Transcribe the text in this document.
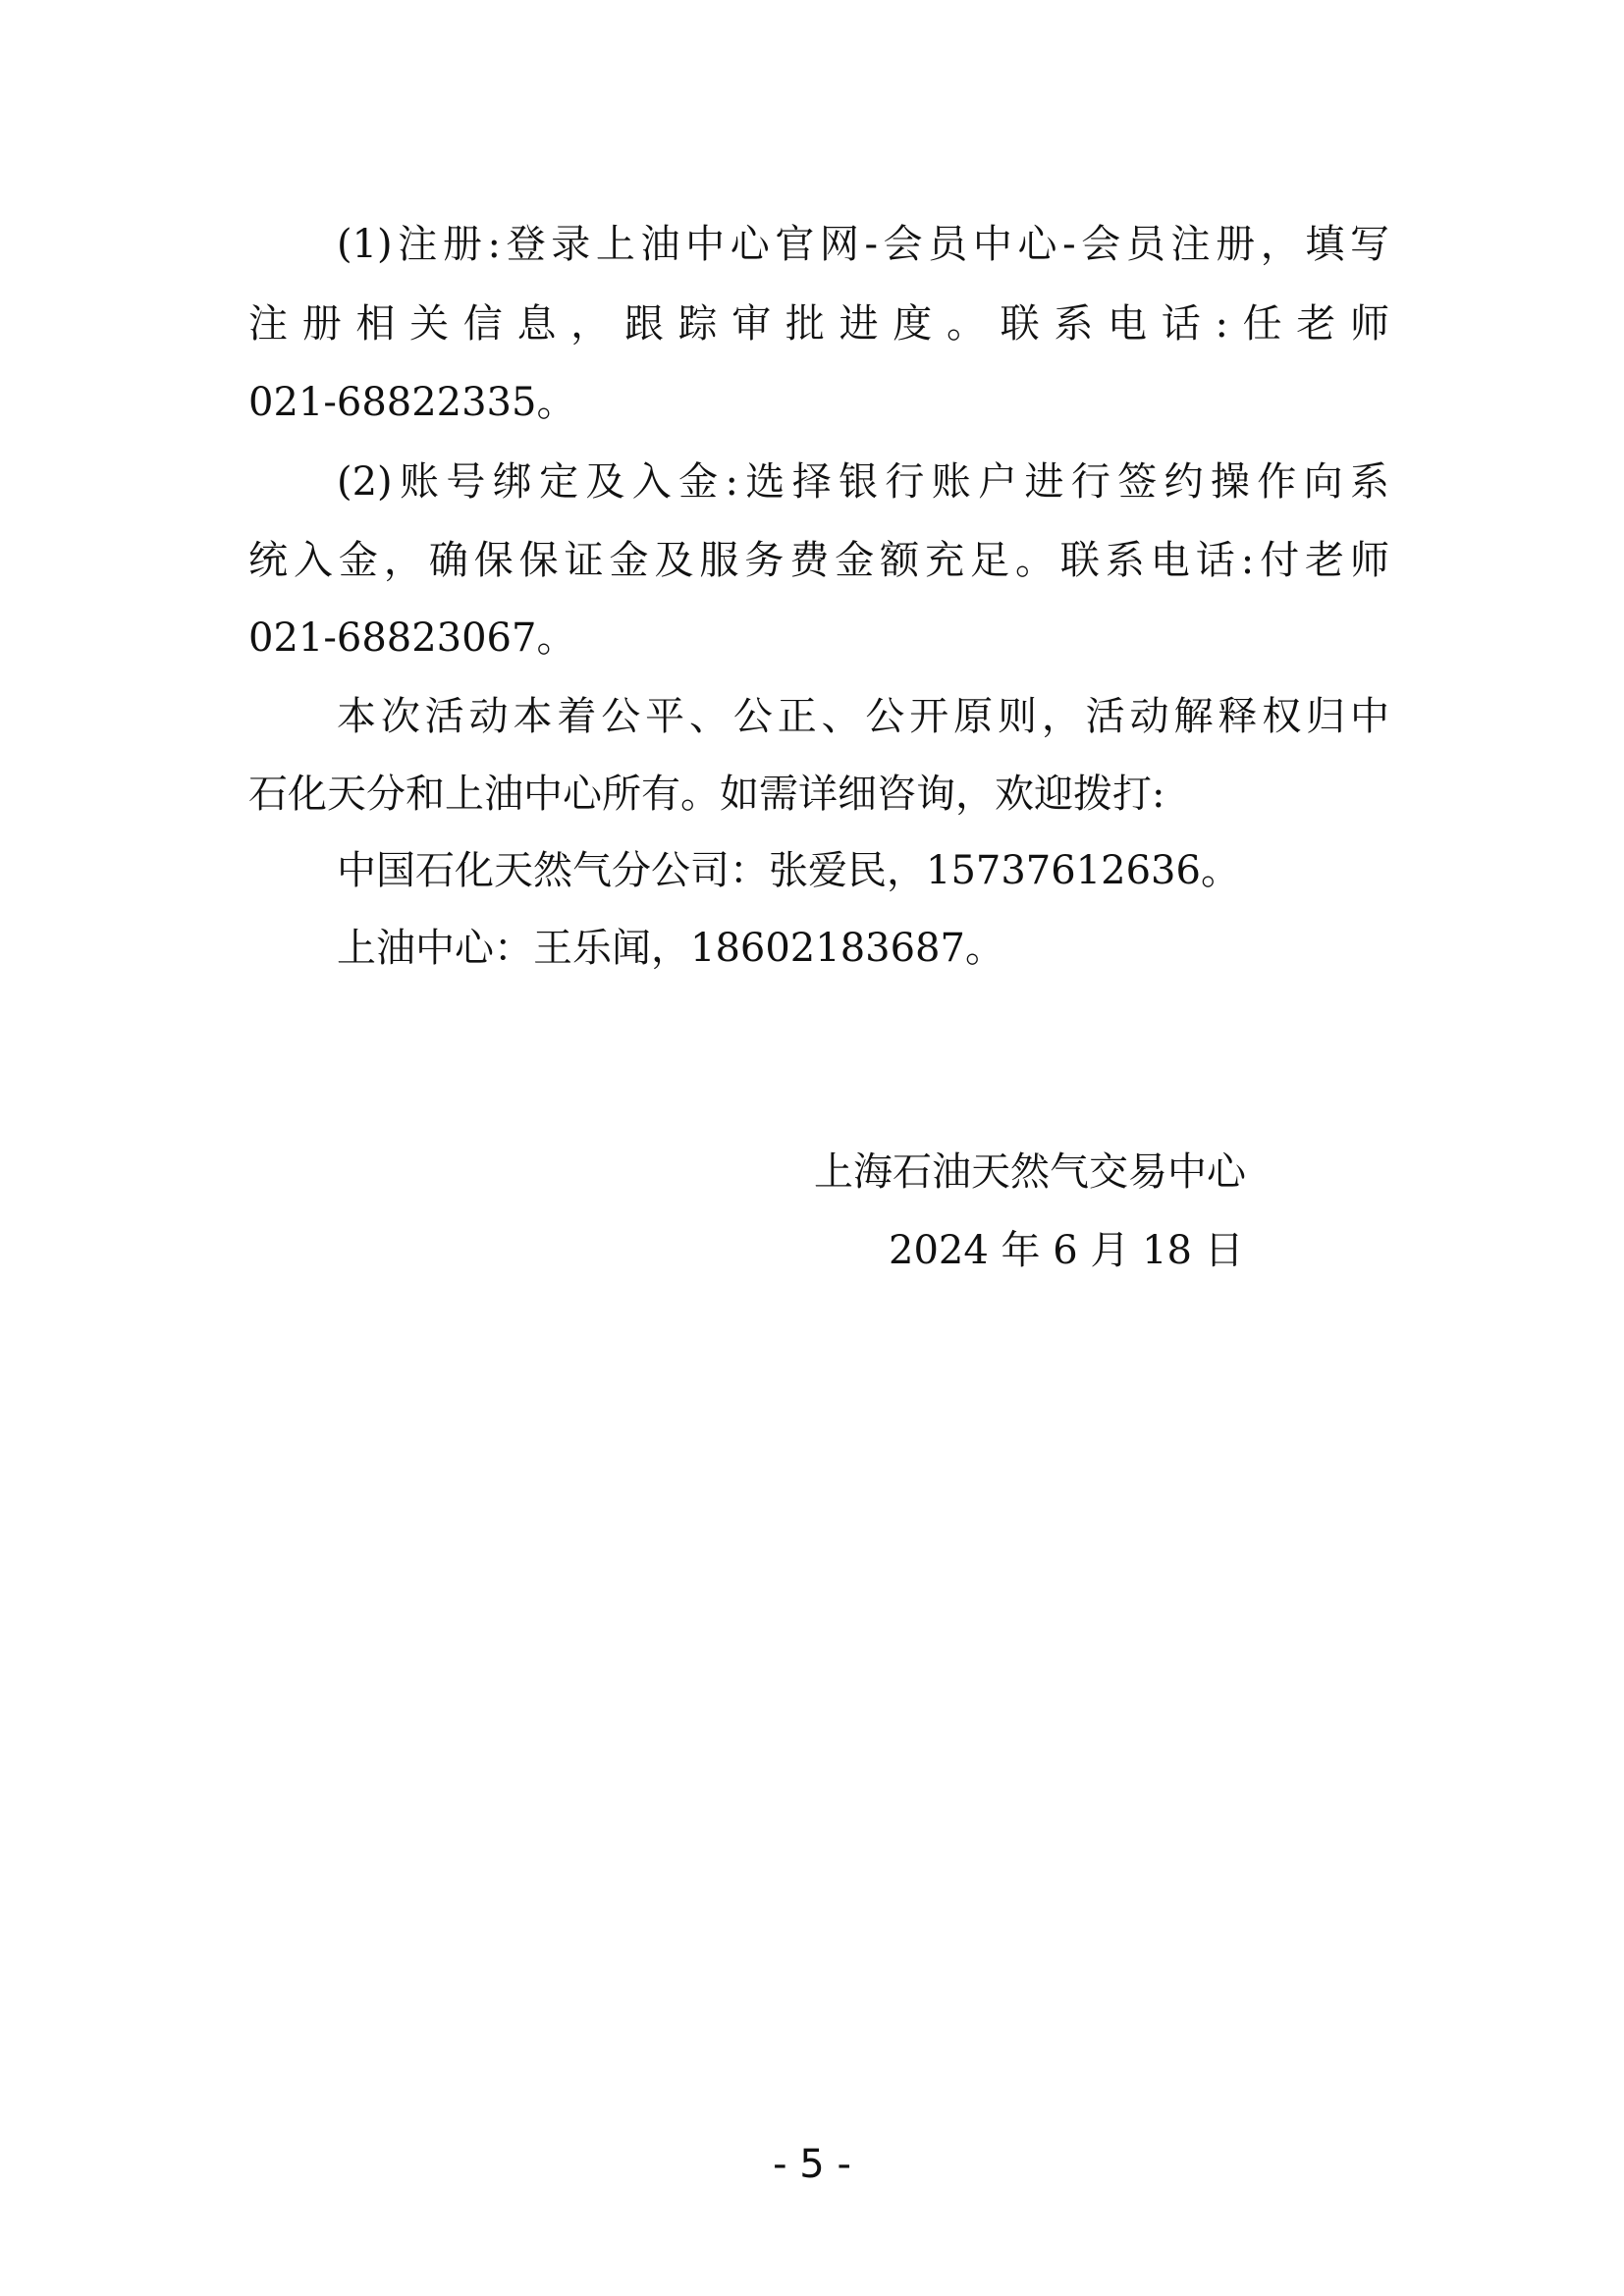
(1)注册:登录上油中心官网-会员中心-会员注册，填写
注册相关信息，跟踪审批进度。联系电话:任老师
021-68822335。
(2)账号绑定及入金:选择银行账户进行签约操作向系
统入金，确保保证金及服务费金额充足。联系电话:付老师
021-68823067。
本次活动本着公平、公正、公开原则，活动解释权归中
石化天分和上油中心所有。如需详细咨询，欢迎拨打:
中国石化天然气分公司：张爱民，15737612636。
上油中心：王乐闻，18602183687。
上海石油天然气交易中心
2024 年 6 月 18 日
- 5 -
